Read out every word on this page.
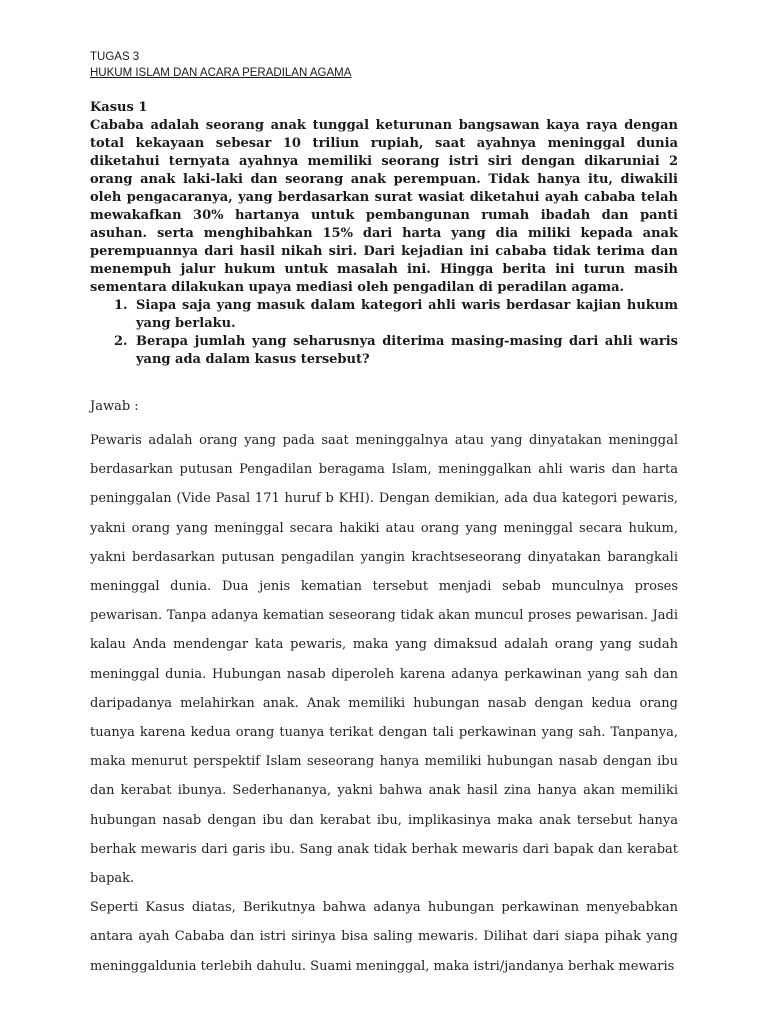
TUGAS 3
HUKUM ISLAM DAN ACARA PERADILAN AGAMA
Kasus 1

Cababa adalah seorang anak tunggal keturunan bangsawan kaya raya dengan total kekayaan sebesar 10 triliun rupiah, saat ayahnya meninggal dunia diketahui ternyata ayahnya memiliki seorang istri siri dengan dikaruniai 2 orang anak laki-laki dan seorang anak perempuan. Tidak hanya itu, diwakili oleh pengacaranya, yang berdasarkan surat wasiat diketahui ayah cababa telah mewakafkan 30% hartanya untuk pembangunan rumah ibadah dan panti asuhan. serta menghibahkan 15% dari harta yang dia miliki kepada anak perempuannya dari hasil nikah siri. Dari kejadian ini cababa tidak terima dan menempuh jalur hukum untuk masalah ini. Hingga berita ini turun masih sementara dilakukan upaya mediasi oleh pengadilan di peradilan agama.

1. Siapa saja yang masuk dalam kategori ahli waris berdasar kajian hukum yang berlaku.
2. Berapa jumlah yang seharusnya diterima masing-masing dari ahli waris yang ada dalam kasus tersebut?
Jawab :

Pewaris adalah orang yang pada saat meninggalnya atau yang dinyatakan meninggal berdasarkan putusan Pengadilan beragama Islam, meninggalkan ahli waris dan harta peninggalan (Vide Pasal 171 huruf b KHI). Dengan demikian, ada dua kategori pewaris, yakni orang yang meninggal secara hakiki atau orang yang meninggal secara hukum, yakni berdasarkan putusan pengadilan yangin krachtseseorang dinyatakan barangkali meninggal dunia. Dua jenis kematian tersebut menjadi sebab munculnya proses pewarisan. Tanpa adanya kematian seseorang tidak akan muncul proses pewarisan. Jadi kalau Anda mendengar kata pewaris, maka yang dimaksud adalah orang yang sudah meninggal dunia. Hubungan nasab diperoleh karena adanya perkawinan yang sah dan daripadanya melahirkan anak. Anak memiliki hubungan nasab dengan kedua orang tuanya karena kedua orang tuanya terikat dengan tali perkawinan yang sah. Tanpanya, maka menurut perspektif Islam seseorang hanya memiliki hubungan nasab dengan ibu dan kerabat ibunya. Sederhananya, yakni bahwa anak hasil zina hanya akan memiliki hubungan nasab dengan ibu dan kerabat ibu, implikasinya maka anak tersebut hanya berhak mewaris dari garis ibu. Sang anak tidak berhak mewaris dari bapak dan kerabat bapak.

Seperti Kasus diatas, Berikutnya bahwa adanya hubungan perkawinan menyebabkan antara ayah Cababa dan istri sirinya bisa saling mewaris. Dilihat dari siapa pihak yang meninggaldunia terlebih dahulu. Suami meninggal, maka istri/jandanya berhak mewaris
